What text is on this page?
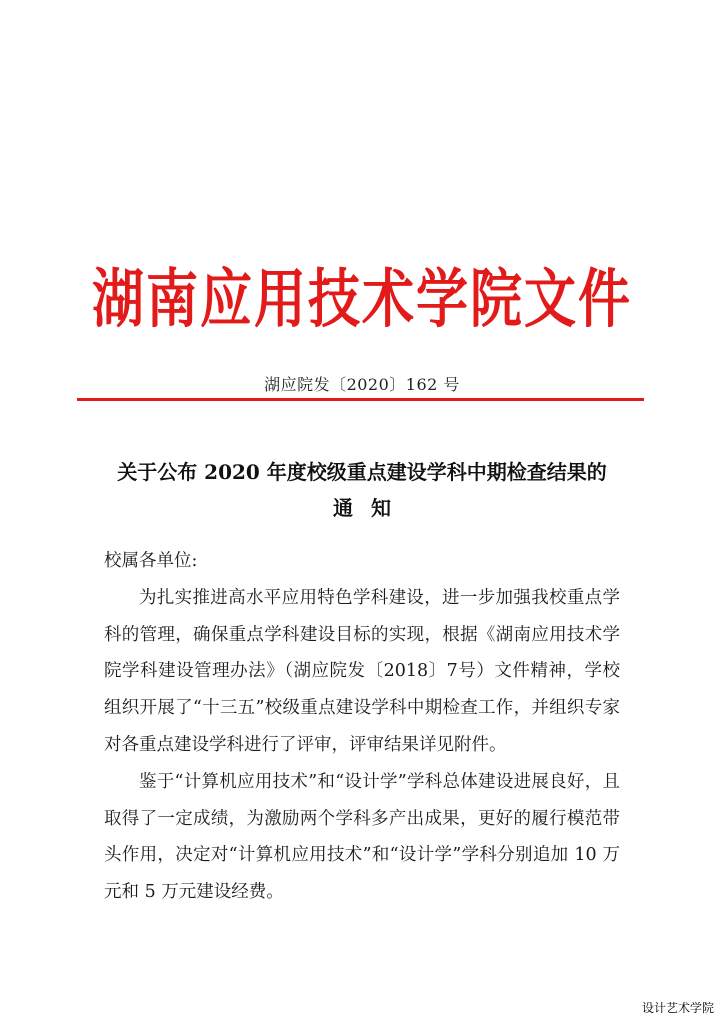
湖南应用技术学院文件
湖应院发〔2020〕162 号
关于公布 2020 年度校级重点建设学科中期检查结果的
通知

校属各单位:

为扎实推进高水平应用特色学科建设，进一步加强我校重点学科的管理，确保重点学科建设目标的实现，根据《湖南应用技术学院学科建设管理办法》（湖应院发〔2018〕7号）文件精神，学校组织开展了“十三五”校级重点建设学科中期检查工作，并组织专家对各重点建设学科进行了评审，评审结果详见附件。

鉴于“计算机应用技术”和“设计学”学科总体建设进展良好，且取得了一定成绩，为激励两个学科多产出成果，更好的履行模范带头作用，决定对“计算机应用技术”和“设计学”学科分别追加 10 万元和 5 万元建设经费。

设计艺术学院
